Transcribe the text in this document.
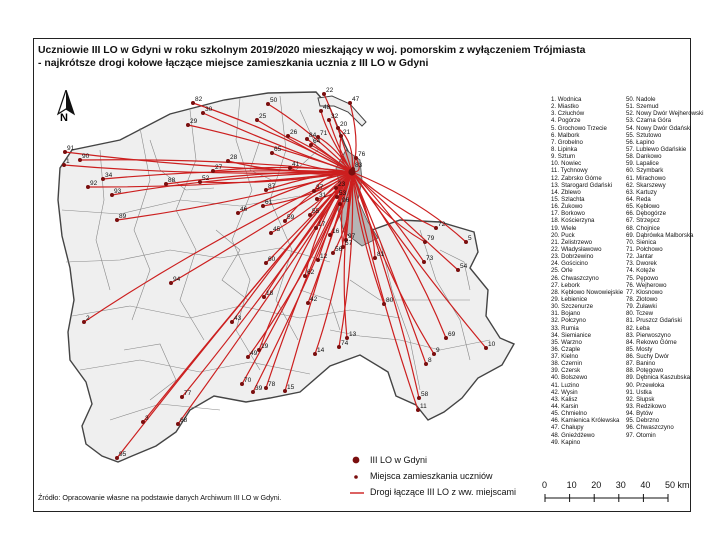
Uczniowie III LO w Gdyni w roku szkolnym 2019/2020 mieszkający w woj. pomorskim z wyłączeniem Trójmiasta
- najkrótsze drogi kołowe łączące miejsce zamieszkania ucznia z III LO w Gdyni
2
91
90
1
34
92
93
89
88
94
82
30
29
52
27
28
50
25
26
65
87
41
46
61
59
45
60
18
43
49
19
70
39
78 15
14
62
42
74
13
12
56
57
97
16
17
55
31
37
53
23
96
22
47
48
32
20
21
71
84
54
72
5
79
73
81
80
10
69
9
8
58
11
77
68
3
95
76
64
83
N
1. Wodnica
2. Miastko
3. Człuchów
4. Pogórze
5. Grochowo Trzecie
6. Malbork
7. Grobelno
8. Lipinka
9. Sztum
10. Nowiec
11. Tychnowy
12. Zabrsko Górne
13. Starogard Gdański
14. Zblewo
15. Szlachta
16. Żukowo
17. Borkowo
18. Kościerzyna
19. Wiele
20. Puck
21. Żelistrzewo
22. Władysławowo
23. Dobrzewino
24. Gościcino
25. Orle
26. Chwaszczyno
27. Łebork
28. Kębłowo Nowowiejskie
29. Łebienice
30. Szczenurze
31. Bojano
32. Połczyno
33. Rumia
34. Siemianice
35. Warzno
36. Czaple
37. Kielno
38. Czernin
39. Czersk
40. Bolszewo
41. Luzino
42. Wysin
43. Kalisz
44. Karsin
45. Chmielno
46. Kamienica Królewska
47. Chałupy
48. Gnieżdżewo
49. Kapino
50. Nadole
51. Szemud
52. Nowy Dwór Wejherowski
53. Czarna Góra
54. Nowy Dwór Gdański
55. Sztutowo
56. Łapino
57. Lublewo Gdańskie
58. Dankowo
59. Lapalice
60. Szymbark
61. Mirachowo
62. Skarszewy
63. Kartuzy
64. Reda
65. Kębłowo
66. Dębogórze
67. Strzepcz
68. Chojnice
69. Dąbrówka Malborska
70. Sienica
71. Połchowo
72. Jantar
73. Dworek
74. Kotęże
75. Pępowo
76. Wejherowo
77. Kłosnowo
78. Złotowo
79. Żuławki
80. Tczew
81. Pruszcz Gdański
82. Łeba
83. Pierwoszyno
84. Rekowo Górne
85. Mosty
86. Suchy Dwór
87. Banino
88. Potęgowo
89. Dębnica Kaszubska
90. Przewłoka
91. Ustka
92. Słupsk
93. Redzikowo
94. Bytów
95. Debrzno
96. Chwaszczyno
97. Otomin
III LO w Gdyni
Miejsca zamieszkania uczniów
Drogi łączące III LO z ww. miejscami
0 10 20 30 40 50 km
Źródło: Opracowanie własne na podstawie danych Archiwum III LO w Gdyni.
